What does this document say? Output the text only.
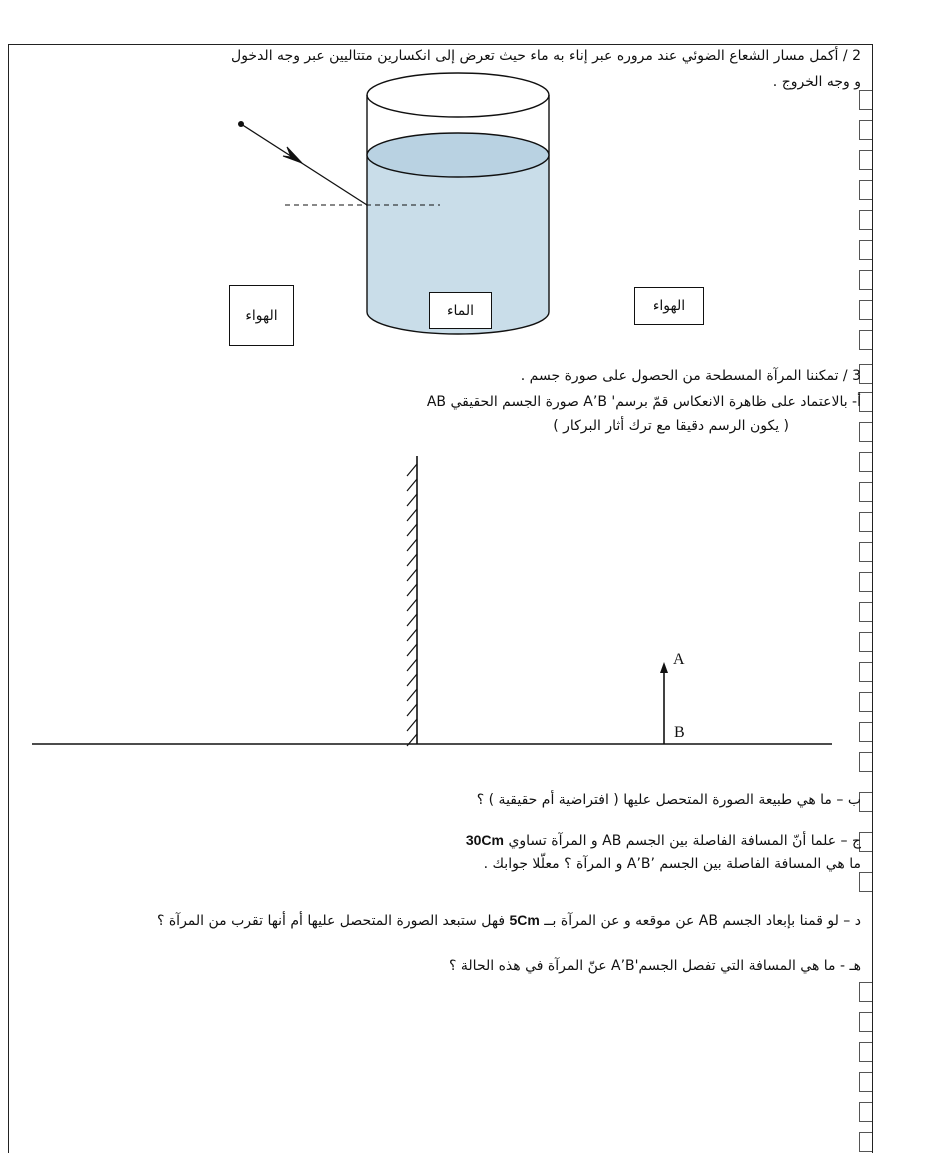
2 / أكمل مسار الشعاع الضوئي عند مروره عبر إناء به ماء حيث تعرض إلى انكسارين متتاليين عبر وجه الدخول
و وجه الخروج .
الهواء	الماء	الهواء
3 / تمكننا المرآة المسطحة من الحصول على صورة جسم .
أ- بالاعتماد على ظاهرة الانعكاس قمّ برسم' A’B صورة الجسم الحقيقي AB
( يكون الرسم دقيقا مع ترك أثار البركار )
A
B
ب – ما هي طبيعة الصورة المتحصل عليها ( افتراضية أم حقيقية ) ؟
ج – علما أنّ المسافة الفاصلة بين الجسم AB و المرآة تساوي 30Cm
ما هي المسافة الفاصلة بين الجسم ’A’B و المرآة ؟ معلّلا جوابك .
د – لو قمنا بإبعاد الجسم AB عن موقعه و عن المرآة بــ 5Cm فهل ستبعد الصورة المتحصل عليها أم أنها تقرب من المرآة ؟
هـ - ما هي المسافة التي تفصل الجسم'A’B عنّ المرآة في هذه الحالة ؟
